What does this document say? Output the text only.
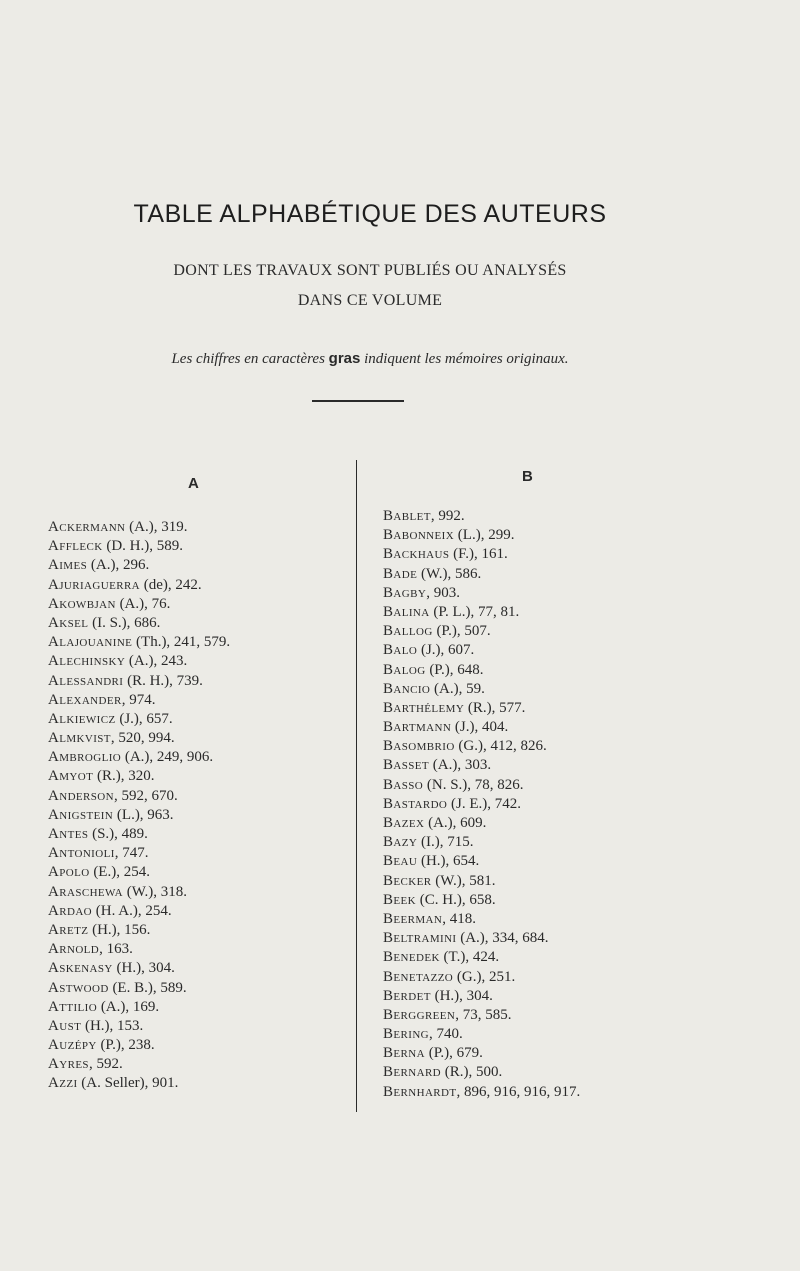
TABLE ALPHABÉTIQUE DES AUTEURS
DONT LES TRAVAUX SONT PUBLIÉS OU ANALYSÉS
DANS CE VOLUME
Les chiffres en caractères gras indiquent les mémoires originaux.
A	B
Ackermann (A.), 319.
Affleck (D. H.), 589.
Aimes (A.), 296.
Ajuriaguerra (de), 242.
Akowbjan (A.), 76.
Aksel (I. S.), 686.
Alajouanine (Th.), 241, 579.
Alechinsky (A.), 243.
Alessandri (R. H.), 739.
Alexander, 974.
Alkiewicz (J.), 657.
Almkvist, 520, 994.
Ambroglio (A.), 249, 906.
Amyot (R.), 320.
Anderson, 592, 670.
Anigstein (L.), 963.
Antes (S.), 489.
Antonioli, 747.
Apolo (E.), 254.
Araschewa (W.), 318.
Ardao (H. A.), 254.
Aretz (H.), 156.
Arnold, 163.
Askenasy (H.), 304.
Astwood (E. B.), 589.
Attilio (A.), 169.
Aust (H.), 153.
Auzépy (P.), 238.
Ayres, 592.
Azzi (A. Seller), 901.
Bablet, 992.
Babonneix (L.), 299.
Backhaus (F.), 161.
Bade (W.), 586.
Bagby, 903.
Balina (P. L.), 77, 81.
Ballog (P.), 507.
Balo (J.), 607.
Balog (P.), 648.
Bancio (A.), 59.
Barthélemy (R.), 577.
Bartmann (J.), 404.
Basombrio (G.), 412, 826.
Basset (A.), 303.
Basso (N. S.), 78, 826.
Bastardo (J. E.), 742.
Bazex (A.), 609.
Bazy (I.), 715.
Beau (H.), 654.
Becker (W.), 581.
Beek (C. H.), 658.
Beerman, 418.
Beltramini (A.), 334, 684.
Benedek (T.), 424.
Benetazzo (G.), 251.
Berdet (H.), 304.
Berggreen, 73, 585.
Bering, 740.
Berna (P.), 679.
Bernard (R.), 500.
Bernhardt, 896, 916, 916, 917.
